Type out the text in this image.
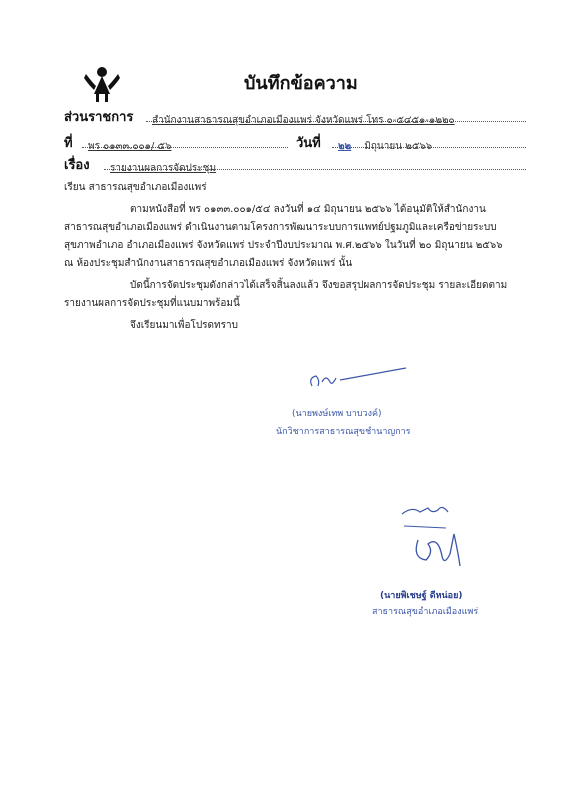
บันทึกข้อความ
ส่วนราชการ	สำนักงานสาธารณสุขอำเภอเมืองแพร่ จังหวัดแพร่ โทร ๐-๕๔๕๑-๑๒๒๐
ที่	พร ๐๑๓๓.๐๐๑/ ๕๖	วันที่	๒๒ มิถุนายน ๒๕๖๖
เรื่อง	รายงานผลการจัดประชุม
เรียน สาธารณสุขอำเภอเมืองแพร่
ตามหนังสือที่ พร ๐๑๓๓.๐๐๑/๕๔ ลงวันที่ ๑๔ มิถุนายน ๒๕๖๖ ได้อนุมัติให้สำนักงาน
สาธารณสุขอำเภอเมืองแพร่ ดำเนินงานตามโครงการพัฒนาระบบการแพทย์ปฐมภูมิและเครือข่ายระบบ
สุขภาพอำเภอ อำเภอเมืองแพร่ จังหวัดแพร่ ประจำปีงบประมาณ พ.ศ.๒๕๖๖ ในวันที่ ๒๐ มิถุนายน ๒๕๖๖
ณ ห้องประชุมสำนักงานสาธารณสุขอำเภอเมืองแพร่ จังหวัดแพร่ นั้น
บัดนี้การจัดประชุมดังกล่าวได้เสร็จสิ้นลงแล้ว จึงขอสรุปผลการจัดประชุม รายละเอียดตาม
รายงานผลการจัดประชุมที่แนบมาพร้อมนี้
จึงเรียนมาเพื่อโปรดทราบ
(นายพงษ์เทพ บาบวงค์)
นักวิชาการสาธารณสุขชำนาญการ
(นายพิเชษฐ์ ดีหน่อย)
สาธารณสุขอำเภอเมืองแพร่
